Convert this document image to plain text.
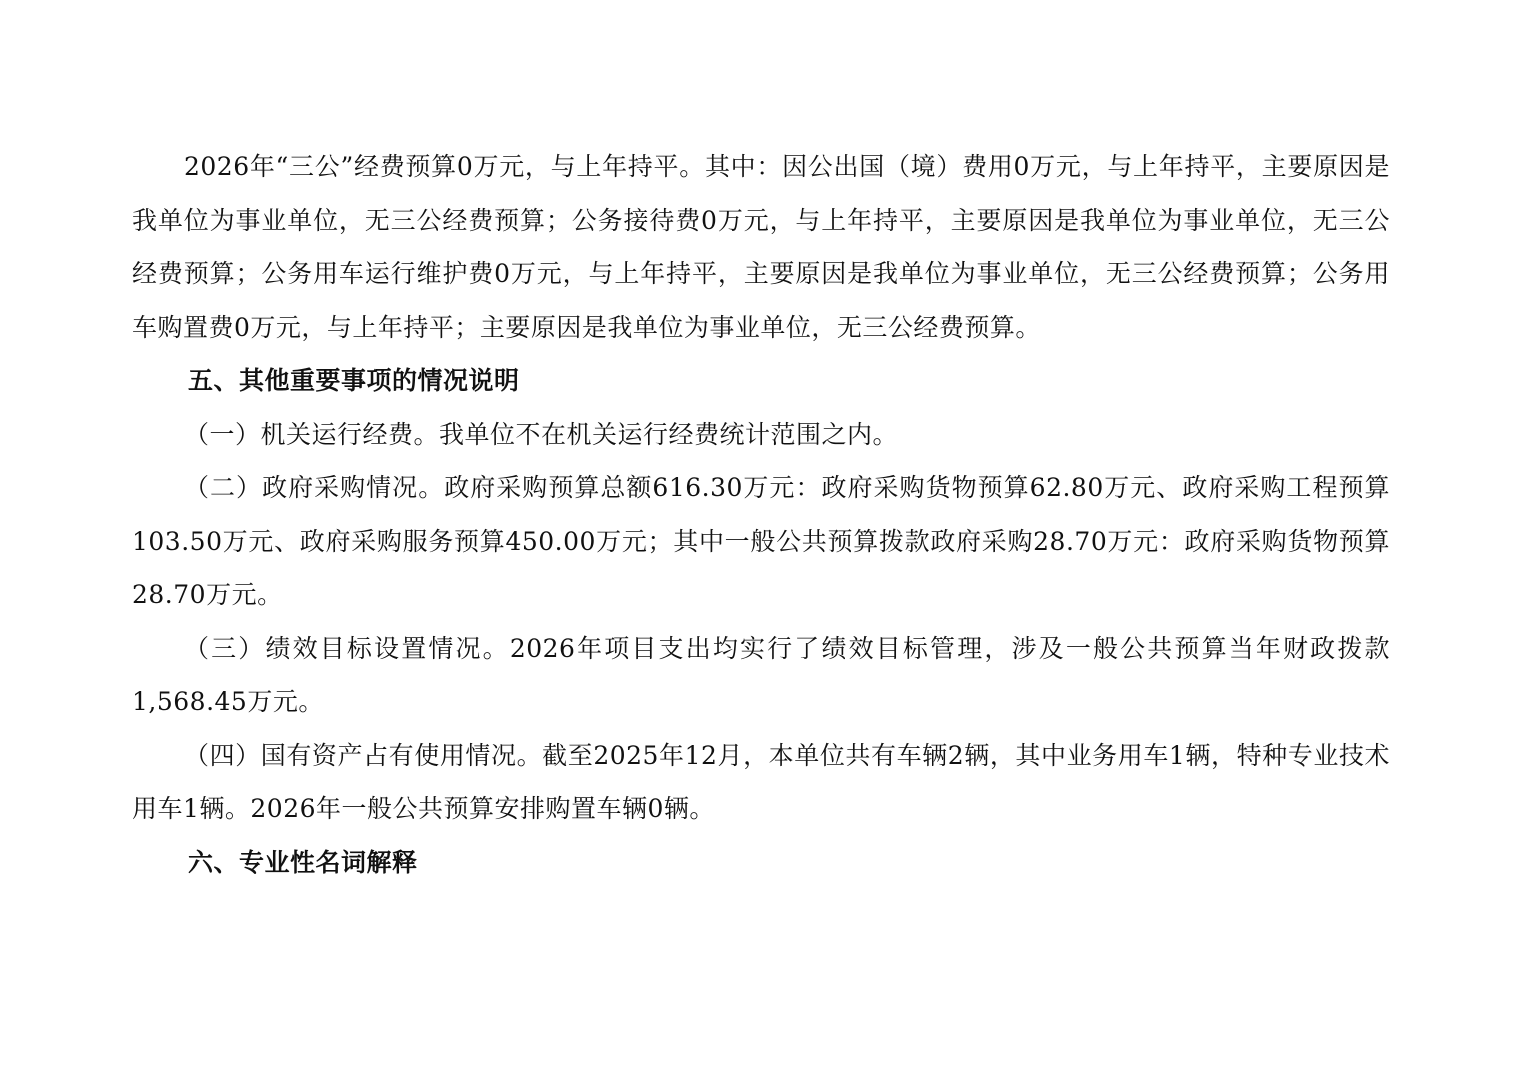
2026年“三公”经费预算0万元，与上年持平。其中：因公出国（境）费用0万元，与上年持平，主要原因是我单位为事业单位，无三公经费预算；公务接待费0万元，与上年持平，主要原因是我单位为事业单位，无三公经费预算；公务用车运行维护费0万元，与上年持平，主要原因是我单位为事业单位，无三公经费预算；公务用车购置费0万元，与上年持平；主要原因是我单位为事业单位，无三公经费预算。

五、其他重要事项的情况说明

（一）机关运行经费。我单位不在机关运行经费统计范围之内。

（二）政府采购情况。政府采购预算总额616.30万元：政府采购货物预算62.80万元、政府采购工程预算103.50万元、政府采购服务预算450.00万元；其中一般公共预算拨款政府采购28.70万元：政府采购货物预算28.70万元。

（三）绩效目标设置情况。2026年项目支出均实行了绩效目标管理，涉及一般公共预算当年财政拨款1,568.45万元。

（四）国有资产占有使用情况。截至2025年12月，本单位共有车辆2辆，其中业务用车1辆，特种专业技术用车1辆。2026年一般公共预算安排购置车辆0辆。

六、专业性名词解释
